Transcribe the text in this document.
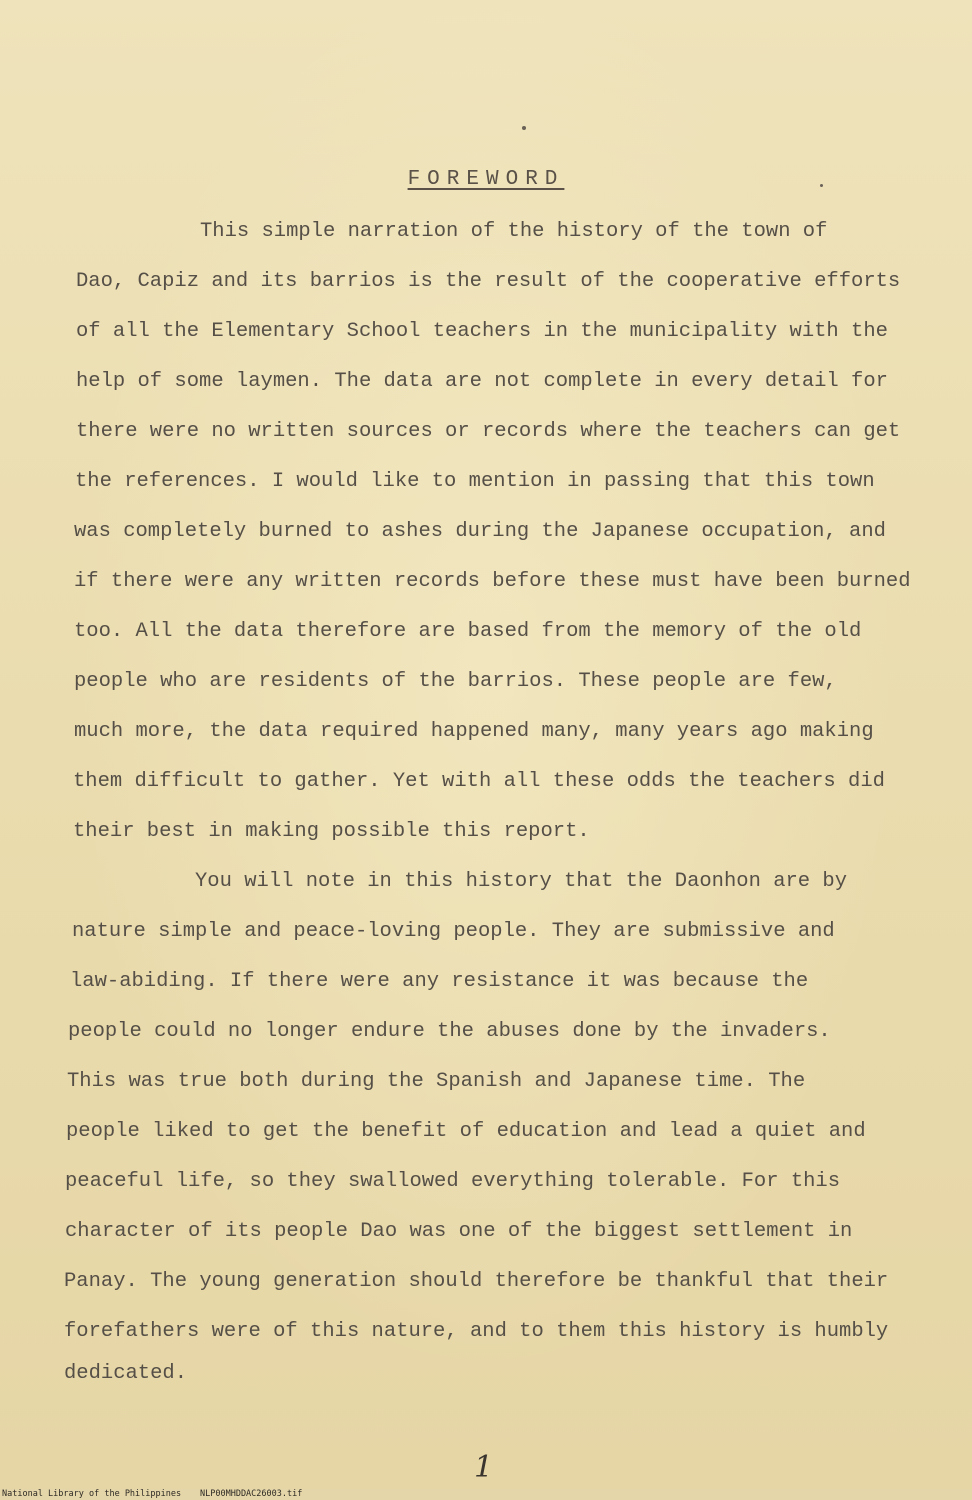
FOREWORD
This simple narration of the history of the town of
Dao, Capiz and its barrios is the result of the cooperative efforts
of all the Elementary School teachers in the municipality with the
help of some laymen. The data are not complete in every detail for
there were no written sources or records where the teachers can get
the references. I would like to mention in passing that this town
was completely burned to ashes during the Japanese occupation, and
if there were any written records before these must have been burned
too. All the data therefore are based from the memory of the old
people who are residents of the barrios. These people are few,
much more, the data required happened many, many years ago making
them difficult to gather. Yet with all these odds the teachers did
their best in making possible this report.
You will note in this history that the Daonhon are by
nature simple and peace-loving people. They are submissive and
law-abiding. If there were any resistance it was because the
people could no longer endure the abuses done by the invaders.
This was true both during the Spanish and Japanese time. The
people liked to get the benefit of education and lead a quiet and
peaceful life, so they swallowed everything tolerable. For this
character of its people Dao was one of the biggest settlement in
Panay. The young generation should therefore be thankful that their
forefathers were of this nature, and to them this history is humbly
dedicated.
1
National Library of the Philippines NLP00MHDDAC26003.tif
